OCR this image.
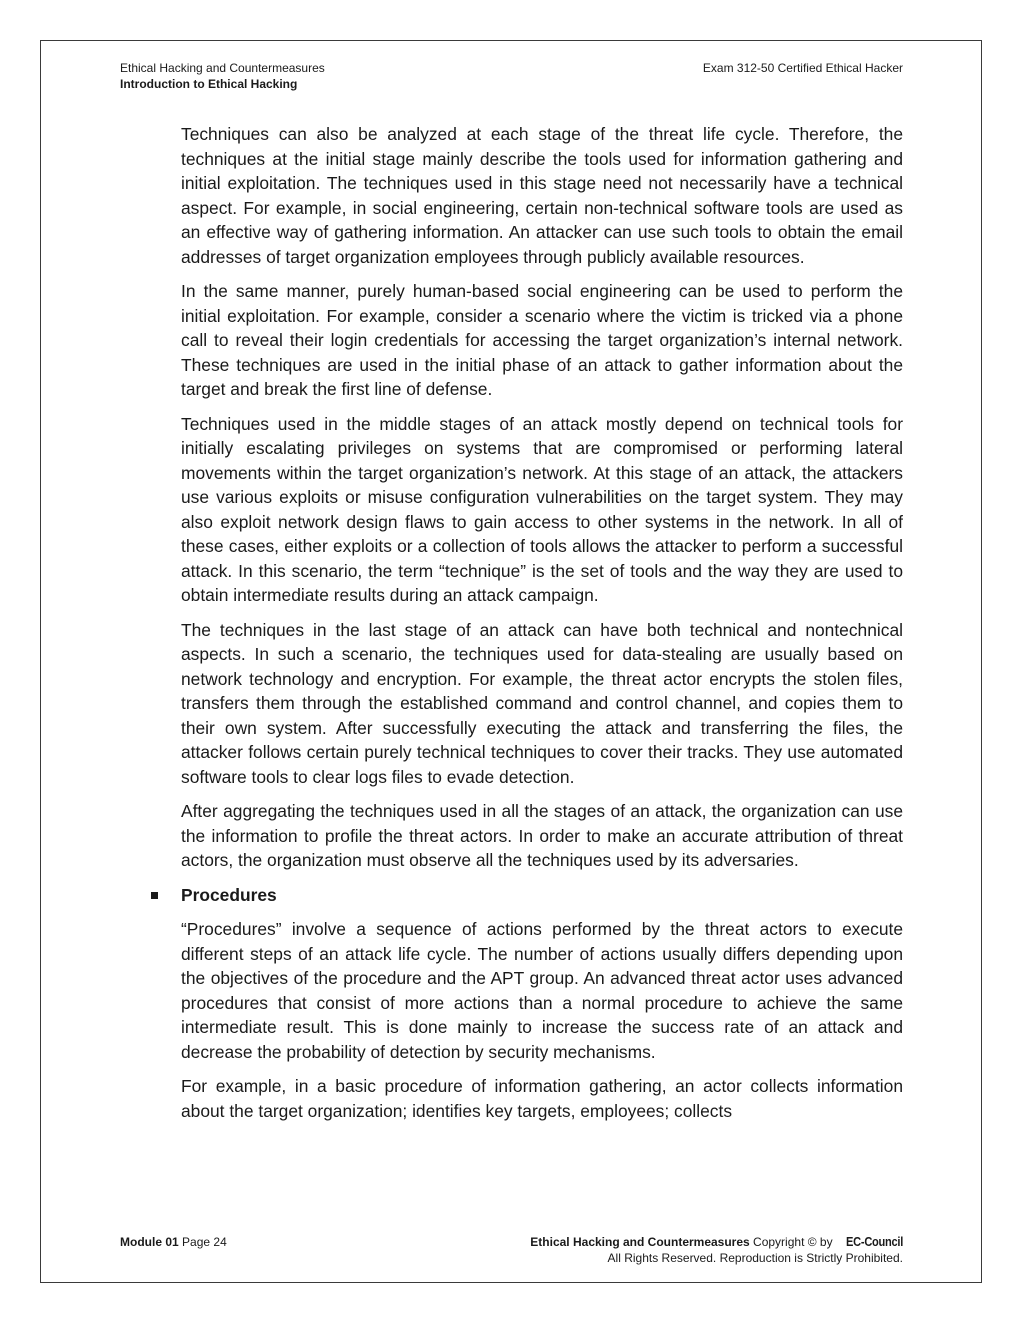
Ethical Hacking and Countermeasures
Introduction to Ethical Hacking
Exam 312-50 Certified Ethical Hacker

Techniques can also be analyzed at each stage of the threat life cycle. Therefore, the techniques at the initial stage mainly describe the tools used for information gathering and initial exploitation. The techniques used in this stage need not necessarily have a technical aspect. For example, in social engineering, certain non-technical software tools are used as an effective way of gathering information. An attacker can use such tools to obtain the email addresses of target organization employees through publicly available resources.

In the same manner, purely human-based social engineering can be used to perform the initial exploitation. For example, consider a scenario where the victim is tricked via a phone call to reveal their login credentials for accessing the target organization’s internal network. These techniques are used in the initial phase of an attack to gather information about the target and break the first line of defense.

Techniques used in the middle stages of an attack mostly depend on technical tools for initially escalating privileges on systems that are compromised or performing lateral movements within the target organization’s network. At this stage of an attack, the attackers use various exploits or misuse configuration vulnerabilities on the target system. They may also exploit network design flaws to gain access to other systems in the network. In all of these cases, either exploits or a collection of tools allows the attacker to perform a successful attack. In this scenario, the term “technique” is the set of tools and the way they are used to obtain intermediate results during an attack campaign.

The techniques in the last stage of an attack can have both technical and nontechnical aspects. In such a scenario, the techniques used for data-stealing are usually based on network technology and encryption. For example, the threat actor encrypts the stolen files, transfers them through the established command and control channel, and copies them to their own system. After successfully executing the attack and transferring the files, the attacker follows certain purely technical techniques to cover their tracks. They use automated software tools to clear logs files to evade detection.

After aggregating the techniques used in all the stages of an attack, the organization can use the information to profile the threat actors. In order to make an accurate attribution of threat actors, the organization must observe all the techniques used by its adversaries.

Procedures

“Procedures” involve a sequence of actions performed by the threat actors to execute different steps of an attack life cycle. The number of actions usually differs depending upon the objectives of the procedure and the APT group. An advanced threat actor uses advanced procedures that consist of more actions than a normal procedure to achieve the same intermediate result. This is done mainly to increase the success rate of an attack and decrease the probability of detection by security mechanisms.

For example, in a basic procedure of information gathering, an actor collects information about the target organization; identifies key targets, employees; collects

Module 01 Page 24	Ethical Hacking and Countermeasures Copyright © by EC-Council
All Rights Reserved. Reproduction is Strictly Prohibited.
